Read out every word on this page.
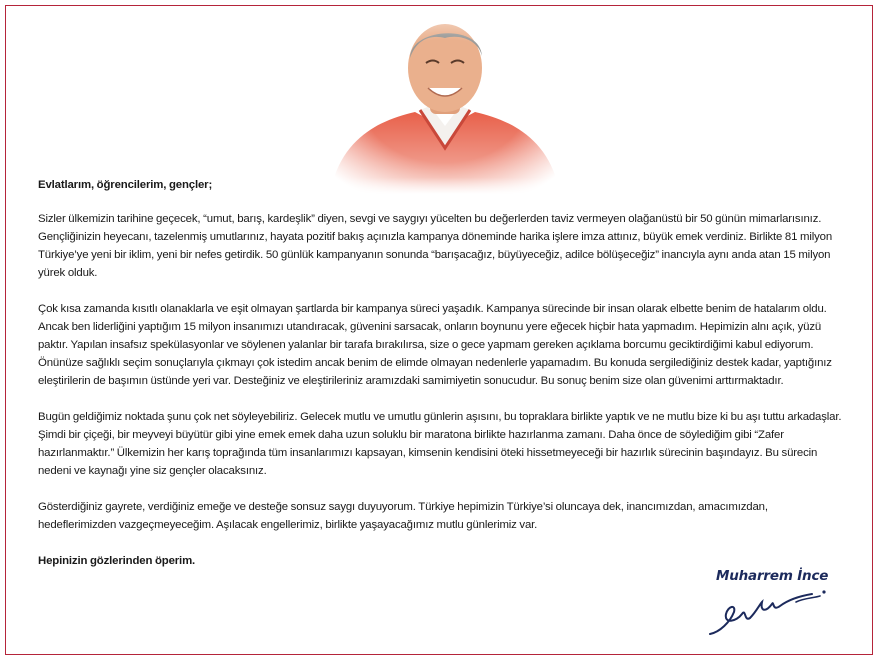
Evlatlarım, öğrencilerim, gençler;

Sizler ülkemizin tarihine geçecek, “umut, barış, kardeşlik” diyen, sevgi ve saygıyı yücelten bu değerlerden taviz vermeyen olağanüstü bir 50 günün mimarlarısınız. Gençliğinizin heyecanı, tazelenmiş umutlarınız, hayata pozitif bakış açınızla kampanya döneminde harika işlere imza attınız, büyük emek verdiniz. Birlikte 81 milyon Türkiye’ye yeni bir iklim, yeni bir nefes getirdik. 50 günlük kampanyanın sonunda “barışacağız, büyüyeceğiz, adilce bölüşeceğiz” inancıyla aynı anda atan 15 milyon yürek olduk.

Çok kısa zamanda kısıtlı olanaklarla ve eşit olmayan şartlarda bir kampanya süreci yaşadık. Kampanya sürecinde bir insan olarak elbette benim de hatalarım oldu. Ancak ben liderliğini yaptığım 15 milyon insanımızı utandıracak, güvenini sarsacak, onların boynunu yere eğecek hiçbir hata yapmadım. Hepimizin alnı açık, yüzü paktır. Yapılan insafsız spekülasyonlar ve söylenen yalanlar bir tarafa bırakılırsa, size o gece yapmam gereken açıklama borcumu geciktirdiğimi kabul ediyorum. Önünüze sağlıklı seçim sonuçlarıyla çıkmayı çok istedim ancak benim de elimde olmayan nedenlerle yapamadım. Bu konuda sergilediğiniz destek kadar, yaptığınız eleştirilerin de başımın üstünde yeri var. Desteğiniz ve eleştirileriniz aramızdaki samimiyetin sonucudur. Bu sonuç benim size olan güvenimi arttırmaktadır.

Bugün geldiğimiz noktada şunu çok net söyleyebiliriz. Gelecek mutlu ve umutlu günlerin aşısını, bu topraklara birlikte yaptık ve ne mutlu bize ki bu aşı tuttu arkadaşlar. Şimdi bir çiçeği, bir meyveyi büyütür gibi yine emek emek daha uzun soluklu bir maratona birlikte hazırlanma zamanı. Daha önce de söylediğim gibi “Zafer hazırlanmaktır.” Ülkemizin her karış toprağında tüm insanlarımızı kapsayan, kimsenin kendisini öteki hissetmeyeceği bir hazırlık sürecinin başındayız. Bu sürecin nedeni ve kaynağı yine siz gençler olacaksınız.

Gösterdiğiniz gayrete, verdiğiniz emeğe ve desteğe sonsuz saygı duyuyorum. Türkiye hepimizin Türkiye’si oluncaya dek, inancımızdan, amacımızdan, hedeflerimizden vazgeçmeyeceğim. Aşılacak engellerimiz, birlikte yaşayacağımız mutlu günlerimiz var.

Hepinizin gözlerinden öperim.

Muharrem İnce
